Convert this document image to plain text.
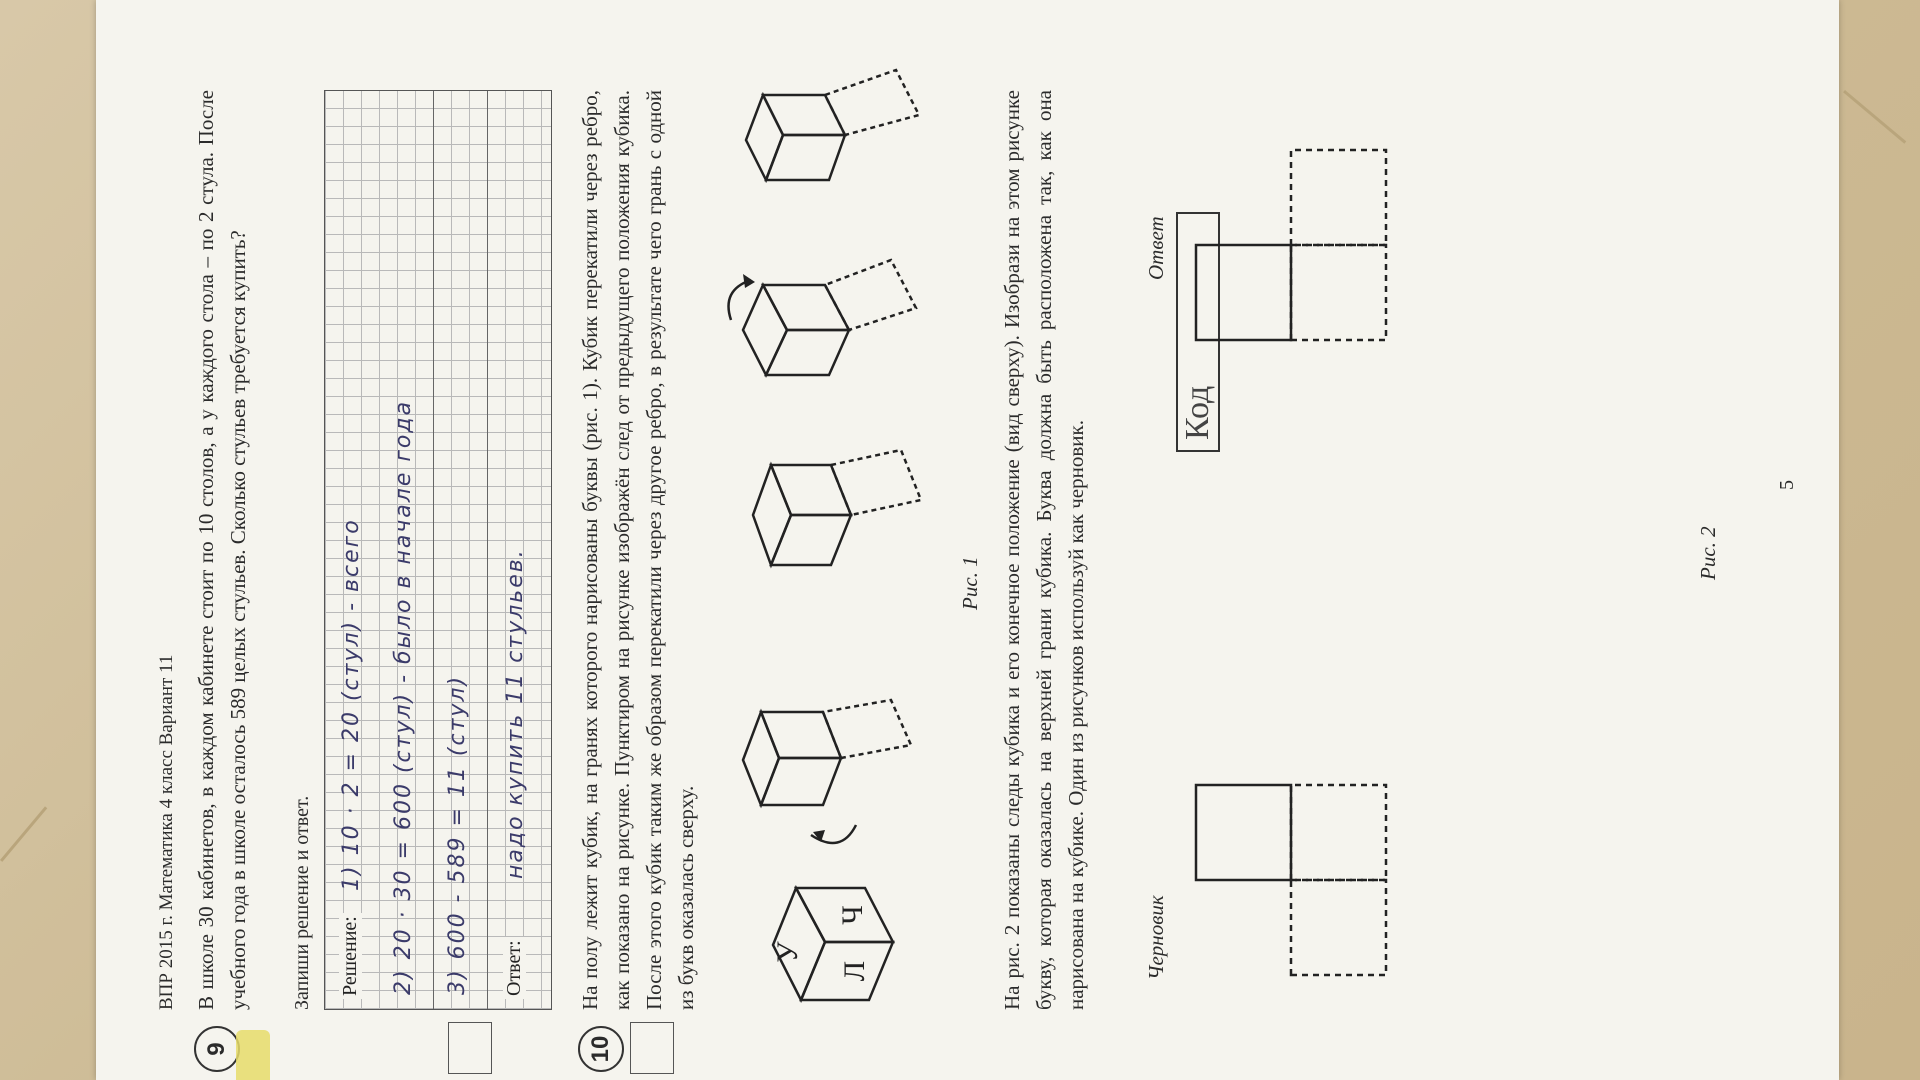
ВПР 2015 г. Математика 4 класс Вариант 11
Код
9
В школе 30 кабинетов, в каждом кабинете стоит по 10 столов, а у каждого стола – по 2 стула. После учебного года в школе осталось 589 целых стульев. Сколько стульев требуется купить? Запиши решение и ответ. Решение:	Ответ:
1) 10 · 2 = 20 (стул) - всего 2) 20 · 30 = 600 (стул) - было в начале года 3) 600 - 589 = 11 (стул) надо купить 11 стульев.
10
На полу лежит кубик, на гранях которого нарисованы буквы (рис. 1). Кубик перекатили через ребро, как показано на рисунке. Пунктиром на рисунке изображён след от предыдущего положения кубика. После этого кубик таким же образом перекатили через другое ребро, в результате чего грань с одной из букв оказалась сверху. У
Л
Ч
Рис. 1 На рис. 2 показаны следы кубика и его конечное положение (вид сверху). Изобрази на этом рисунке букву, которая оказалась на верхней грани кубика. Буква должна быть расположена так, как она нарисована на кубике. Один из рисунков используй как черновик.	Черновик
Ответ
Рис. 2
5
